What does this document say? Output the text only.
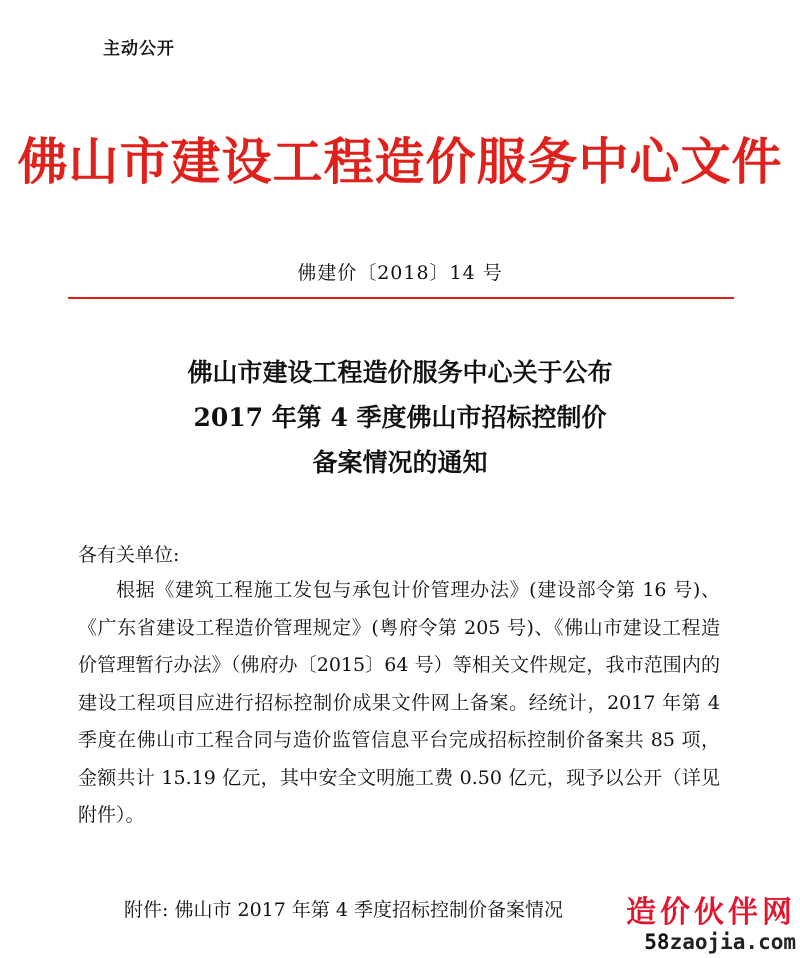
主动公开
佛山市建设工程造价服务中心文件
佛建价〔2018〕14 号
佛山市建设工程造价服务中心关于公布
2017 年第 4 季度佛山市招标控制价
备案情况的通知
各有关单位:

根据《建筑工程施工发包与承包计价管理办法》(建设部令第 16 号)、《广东省建设工程造价管理规定》(粤府令第 205 号)、《佛山市建设工程造价管理暂行办法》（佛府办〔2015〕64 号）等相关文件规定，我市范围内的建设工程项目应进行招标控制价成果文件网上备案。经统计，2017 年第 4 季度在佛山市工程合同与造价监管信息平台完成招标控制价备案共 85 项，金额共计 15.19 亿元，其中安全文明施工费 0.50 亿元，现予以公开（详见附件）。

附件: 佛山市 2017 年第 4 季度招标控制价备案情况 造价伙伴网
58zaojia.com
